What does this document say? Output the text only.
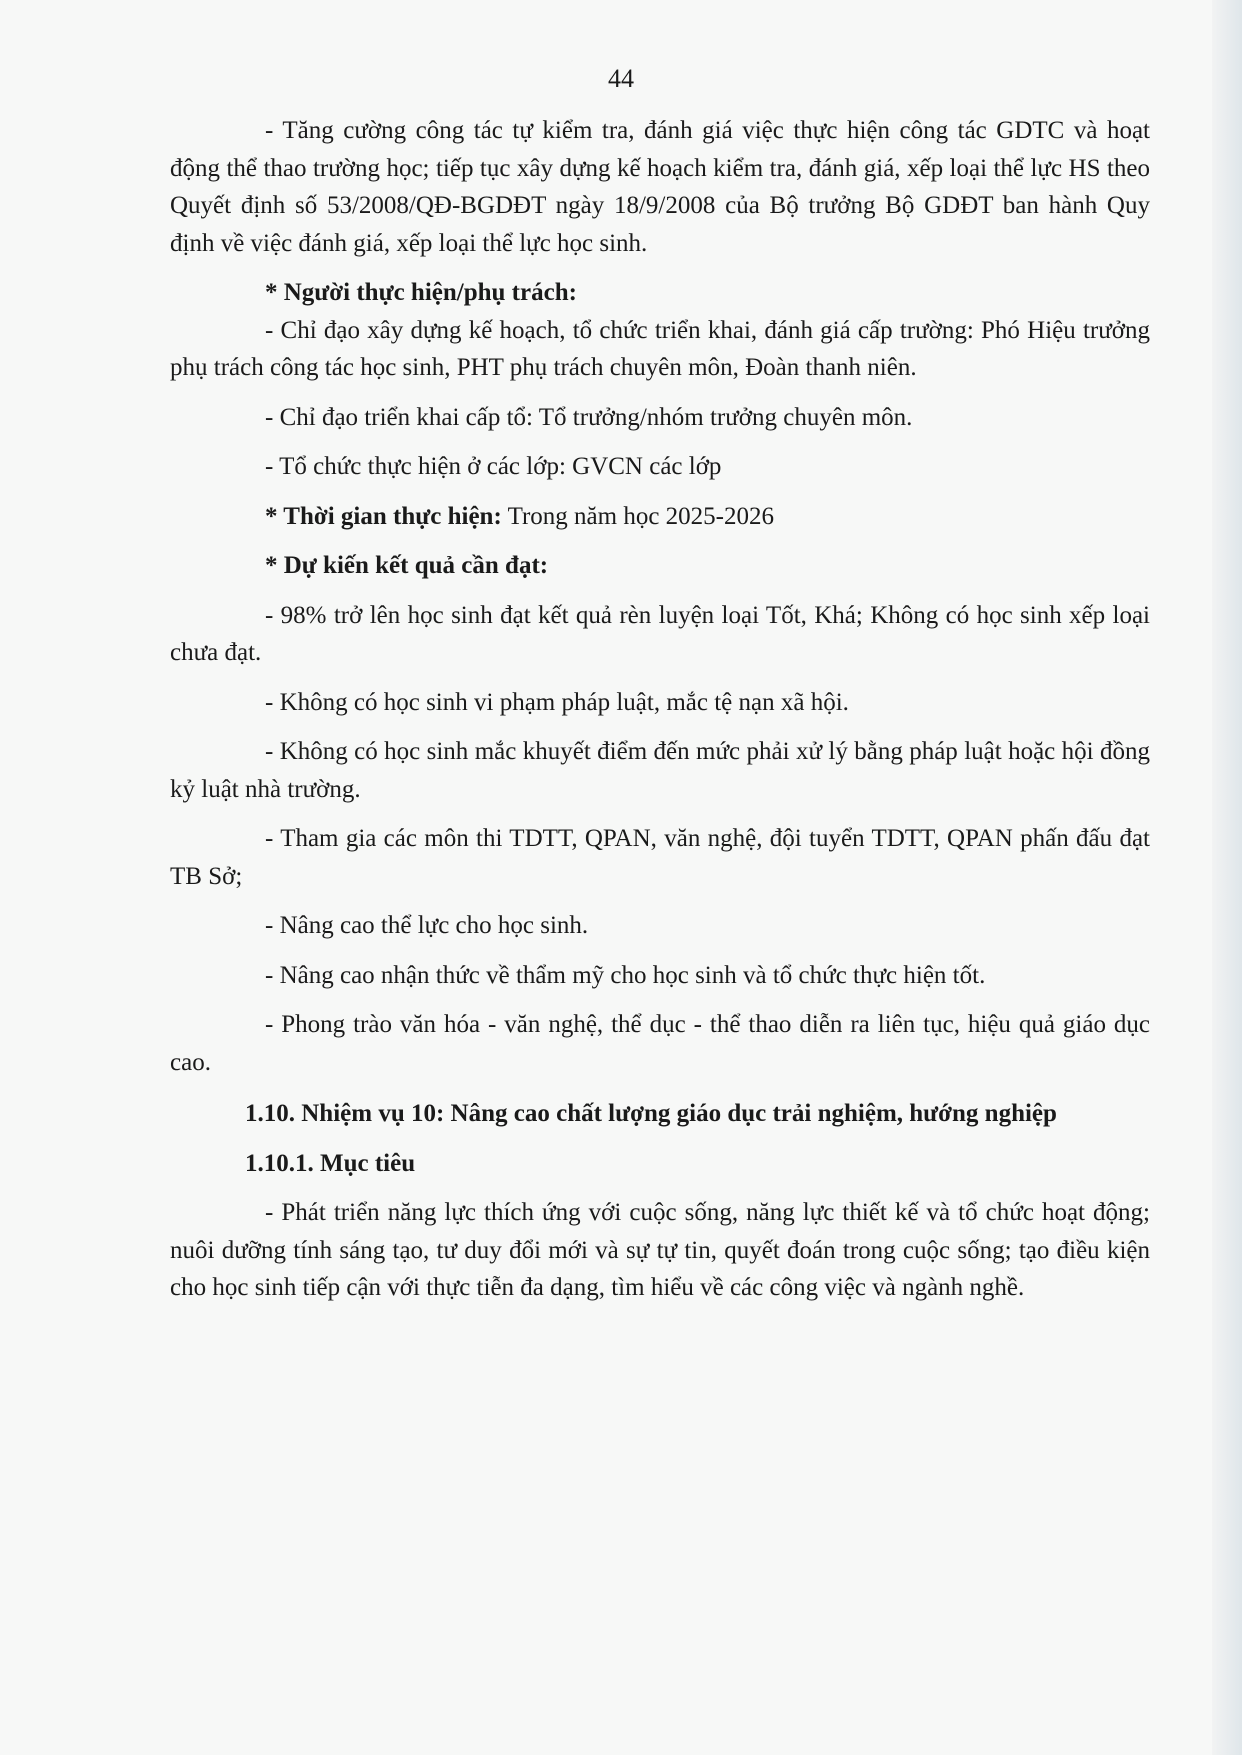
44

- Tăng cường công tác tự kiểm tra, đánh giá việc thực hiện công tác GDTC và hoạt động thể thao trường học; tiếp tục xây dựng kế hoạch kiểm tra, đánh giá, xếp loại thể lực HS theo Quyết định số 53/2008/QĐ-BGDĐT ngày 18/9/2008 của Bộ trưởng Bộ GDĐT ban hành Quy định về việc đánh giá, xếp loại thể lực học sinh.

* Người thực hiện/phụ trách:

- Chỉ đạo xây dựng kế hoạch, tổ chức triển khai, đánh giá cấp trường: Phó Hiệu trưởng phụ trách công tác học sinh, PHT phụ trách chuyên môn, Đoàn thanh niên.

- Chỉ đạo triển khai cấp tổ: Tổ trưởng/nhóm trưởng chuyên môn.

- Tổ chức thực hiện ở các lớp: GVCN các lớp

* Thời gian thực hiện: Trong năm học 2025-2026

* Dự kiến kết quả cần đạt:

- 98% trở lên học sinh đạt kết quả rèn luyện loại Tốt, Khá; Không có học sinh xếp loại chưa đạt.

- Không có học sinh vi phạm pháp luật, mắc tệ nạn xã hội.

- Không có học sinh mắc khuyết điểm đến mức phải xử lý bằng pháp luật hoặc hội đồng kỷ luật nhà trường.

- Tham gia các môn thi TDTT, QPAN, văn nghệ, đội tuyển TDTT, QPAN phấn đấu đạt TB Sở;

- Nâng cao thể lực cho học sinh.

- Nâng cao nhận thức về thẩm mỹ cho học sinh và tổ chức thực hiện tốt.

- Phong trào văn hóa - văn nghệ, thể dục - thể thao diễn ra liên tục, hiệu quả giáo dục cao.

1.10. Nhiệm vụ 10: Nâng cao chất lượng giáo dục trải nghiệm, hướng nghiệp

1.10.1. Mục tiêu

- Phát triển năng lực thích ứng với cuộc sống, năng lực thiết kế và tổ chức hoạt động; nuôi dưỡng tính sáng tạo, tư duy đổi mới và sự tự tin, quyết đoán trong cuộc sống; tạo điều kiện cho học sinh tiếp cận với thực tiễn đa dạng, tìm hiểu về các công việc và ngành nghề.
